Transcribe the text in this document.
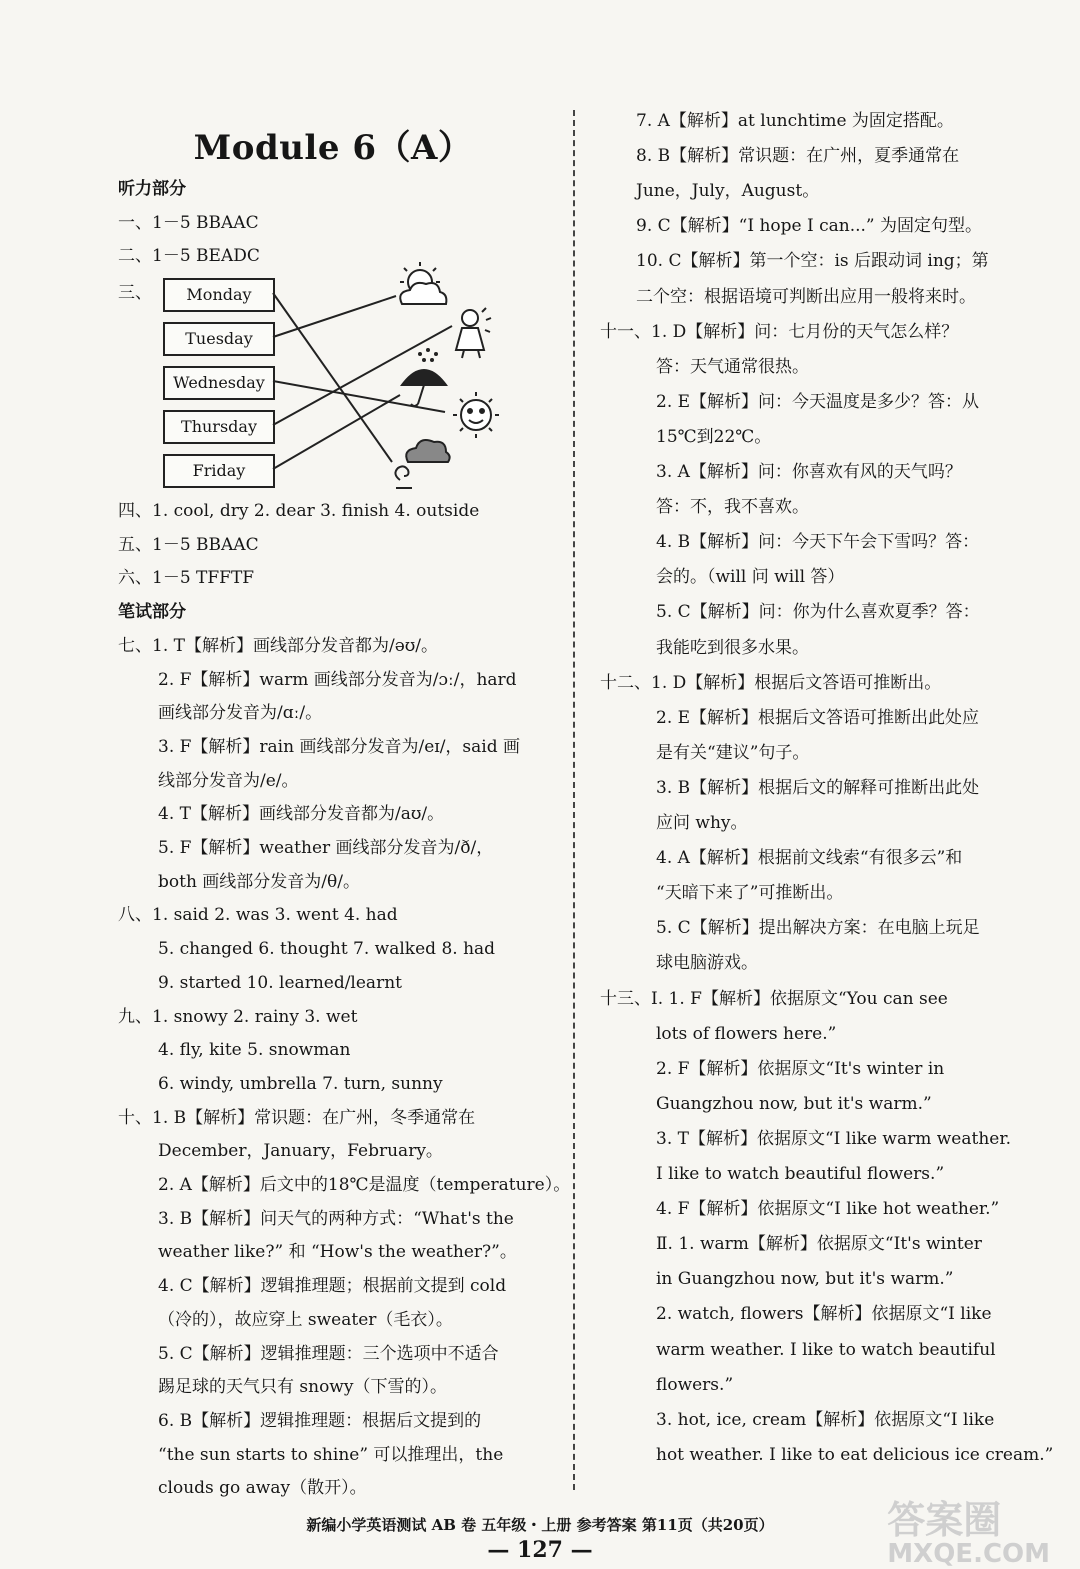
Module 6（A）
听力部分
一、1－5 BBAAC
二、1－5 BEADC
三、
四、1. cool, dry 2. dear 3. finish 4. outside
五、1－5 BBAAC
六、1－5 TFFTF
笔试部分
七、1. T【解析】画线部分发音都为/əʊ/。
2. F【解析】warm 画线部分发音为/ɔː/，hard
画线部分发音为/ɑː/。
3. F【解析】rain 画线部分发音为/eɪ/，said 画
线部分发音为/e/。
4. T【解析】画线部分发音都为/aʊ/。
5. F【解析】weather 画线部分发音为/ð/，
both 画线部分发音为/θ/。
八、1. said 2. was 3. went 4. had
5. changed 6. thought 7. walked 8. had
9. started 10. learned/learnt
九、1. snowy 2. rainy 3. wet
4. fly, kite 5. snowman
6. windy, umbrella 7. turn, sunny
十、1. B【解析】常识题：在广州，冬季通常在
December，January，February。
2. A【解析】后文中的18℃是温度（temperature）。
3. B【解析】问天气的两种方式：“What's the
weather like?” 和 “How's the weather?”。
4. C【解析】逻辑推理题；根据前文提到 cold
（冷的），故应穿上 sweater（毛衣）。
5. C【解析】逻辑推理题：三个选项中不适合
踢足球的天气只有 snowy（下雪的）。
6. B【解析】逻辑推理题：根据后文提到的
“the sun starts to shine” 可以推理出，the
clouds go away（散开）。
7. A【解析】at lunchtime 为固定搭配。
8. B【解析】常识题：在广州，夏季通常在
June，July，August。
9. C【解析】“I hope I can...” 为固定句型。
10. C【解析】第一个空：is 后跟动词 ing；第
二个空：根据语境可判断出应用一般将来时。
十一、1. D【解析】问：七月份的天气怎么样？
答：天气通常很热。
2. E【解析】问：今天温度是多少？答：从
15℃到22℃。
3. A【解析】问：你喜欢有风的天气吗？
答：不，我不喜欢。
4. B【解析】问：今天下午会下雪吗？答：
会的。（will 问 will 答）
5. C【解析】问：你为什么喜欢夏季？答：
我能吃到很多水果。
十二、1. D【解析】根据后文答语可推断出。
2. E【解析】根据后文答语可推断出此处应
是有关“建议”句子。
3. B【解析】根据后文的解释可推断出此处
应问 why。
4. A【解析】根据前文线索“有很多云”和
“天暗下来了”可推断出。
5. C【解析】提出解决方案：在电脑上玩足
球电脑游戏。
十三、Ⅰ. 1. F【解析】依据原文“You can see
lots of flowers here.”
2. F【解析】依据原文“It's winter in
Guangzhou now, but it's warm.”
3. T【解析】依据原文“I like warm weather.
I like to watch beautiful flowers.”
4. F【解析】依据原文“I like hot weather.”
Ⅱ. 1. warm【解析】依据原文“It's winter
in Guangzhou now, but it's warm.”
2. watch, flowers【解析】依据原文“I like
warm weather. I like to watch beautiful
flowers.”
3. hot, ice, cream【解析】依据原文“I like
hot weather. I like to eat delicious ice cream.”
Monday
Tuesday
Wednesday
Thursday
Friday
新编小学英语测试 AB 卷 五年级・上册 参考答案 第11页（共20页）
— 127 —
答案圈
MXQE.COM
